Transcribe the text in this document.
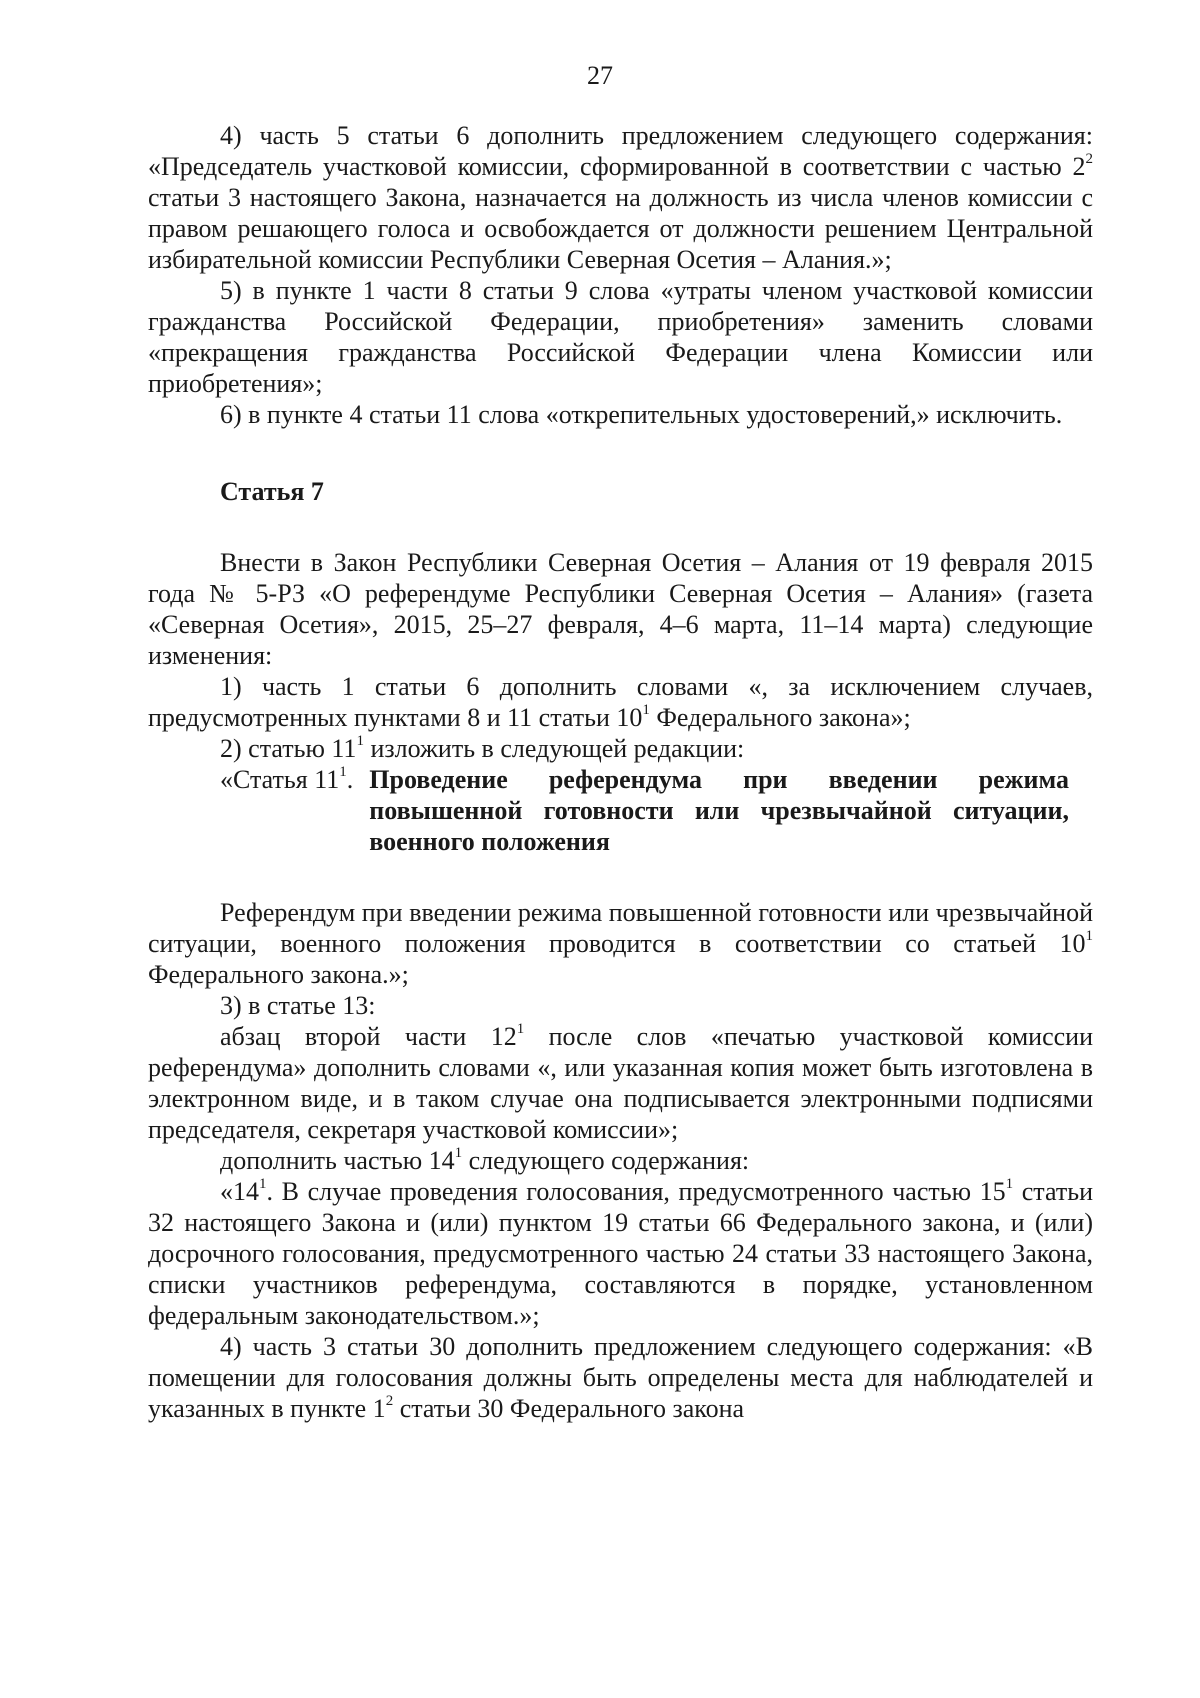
27

4) часть 5 статьи 6 дополнить предложением следующего содержания: «Председатель участковой комиссии, сформированной в соответствии с частью $2^2$ статьи 3 настоящего Закона, назначается на должность из числа членов комиссии с правом решающего голоса и освобождается от должности решением Центральной избирательной комиссии Республики Северная Осетия – Алания.»;

5) в пункте 1 части 8 статьи 9 слова «утраты членом участковой комиссии гражданства Российской Федерации, приобретения» заменить словами «прекращения гражданства Российской Федерации члена Комиссии или приобретения»;

6) в пункте 4 статьи 11 слова «открепительных удостоверений,» исключить.

Статья 7

Внести в Закон Республики Северная Осетия – Алания от 19 февраля 2015 года № 5-РЗ «О референдуме Республики Северная Осетия – Алания» (газета «Северная Осетия», 2015, 25–27 февраля, 4–6 марта, 11–14 марта) следующие изменения:

1) часть 1 статьи 6 дополнить словами «, за исключением случаев, предусмотренных пунктами 8 и 11 статьи $10^1$ Федерального закона»;

2) статью $11^1$ изложить в следующей редакции:

«Статья $11^1$. Проведение референдума при введении режима повышенной готовности или чрезвычайной ситуации, военного положения

Референдум при введении режима повышенной готовности или чрезвычайной ситуации, военного положения проводится в соответствии со статьей $10^1$ Федерального закона.»;

3) в статье 13:

абзац второй части $12^1$ после слов «печатью участковой комиссии референдума» дополнить словами «, или указанная копия может быть изготовлена в электронном виде, и в таком случае она подписывается электронными подписями председателя, секретаря участковой комиссии»;

дополнить частью $14^1$ следующего содержания:

«$14^1$. В случае проведения голосования, предусмотренного частью $15^1$ статьи 32 настоящего Закона и (или) пунктом 19 статьи 66 Федерального закона, и (или) досрочного голосования, предусмотренного частью 24 статьи 33 настоящего Закона, списки участников референдума, составляются в порядке, установленном федеральным законодательством.»;

4) часть 3 статьи 30 дополнить предложением следующего содержания: «В помещении для голосования должны быть определены места для наблюдателей и указанных в пункте $1^2$ статьи 30 Федерального закона
